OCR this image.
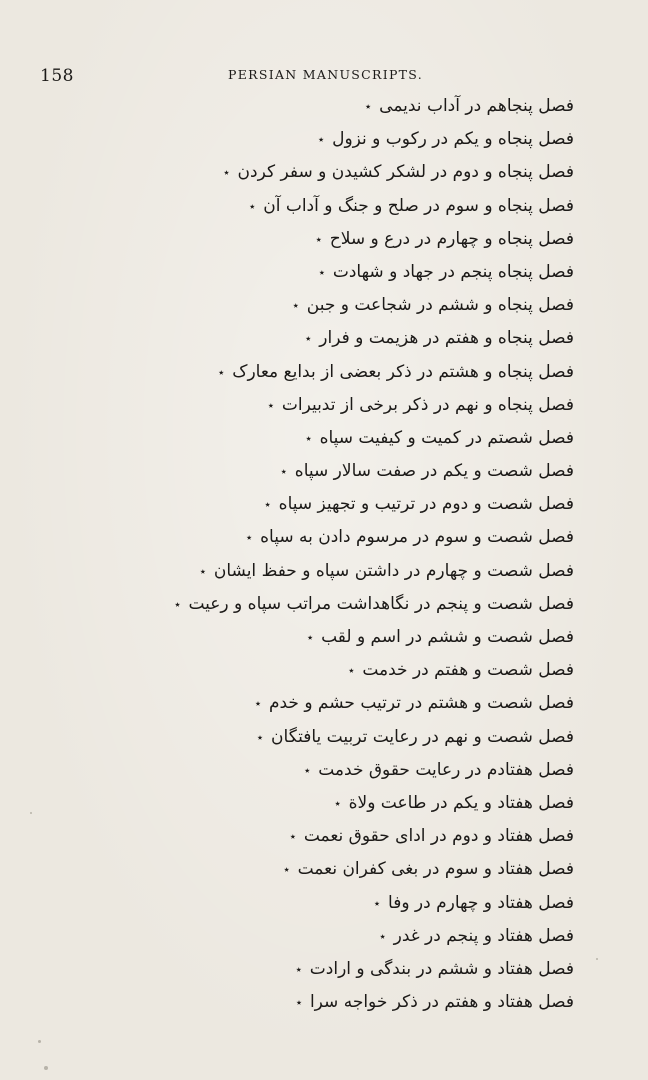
158	PERSIAN MANUSCRIPTS.
فصل پنجاهم در آداب ندیمی٭
فصل پنجاه و یکم در رکوب و نزول٭
فصل پنجاه و دوم در لشکر کشیدن و سفر کردن٭
فصل پنجاه و سوم در صلح و جنگ و آداب آن٭
فصل پنجاه و چهارم در درع و سلاح٭
فصل پنجاه پنجم در جهاد و شهادت٭
فصل پنجاه و ششم در شجاعت و جبن٭
فصل پنجاه و هفتم در هزیمت و فرار٭
فصل پنجاه و هشتم در ذکر بعضی از بدایع معارک٭
فصل پنجاه و نهم در ذکر برخی از تدبیرات٭
فصل شصتم در کمیت و کیفیت سپاه٭
فصل شصت و یکم در صفت سالار سپاه٭
فصل شصت و دوم در ترتیب و تجهیز سپاه٭
فصل شصت و سوم در مرسوم دادن به سپاه٭
فصل شصت و چهارم در داشتن سپاه و حفظ ایشان٭
فصل شصت و پنجم در نگاهداشت مراتب سپاه و رعیت٭
فصل شصت و ششم در اسم و لقب٭
فصل شصت و هفتم در خدمت٭
فصل شصت و هشتم در ترتیب حشم و خدم٭
فصل شصت و نهم در رعایت تربیت یافتگان٭
فصل هفتادم در رعایت حقوق خدمت٭
فصل هفتاد و یکم در طاعت ولاة٭
فصل هفتاد و دوم در ادای حقوق نعمت٭
فصل هفتاد و سوم در بغی کفران نعمت٭
فصل هفتاد و چهارم در وفا٭
فصل هفتاد و پنجم در غدر٭
فصل هفتاد و ششم در بندگی و ارادت٭
فصل هفتاد و هفتم در ذکر خواجه سرا٭
